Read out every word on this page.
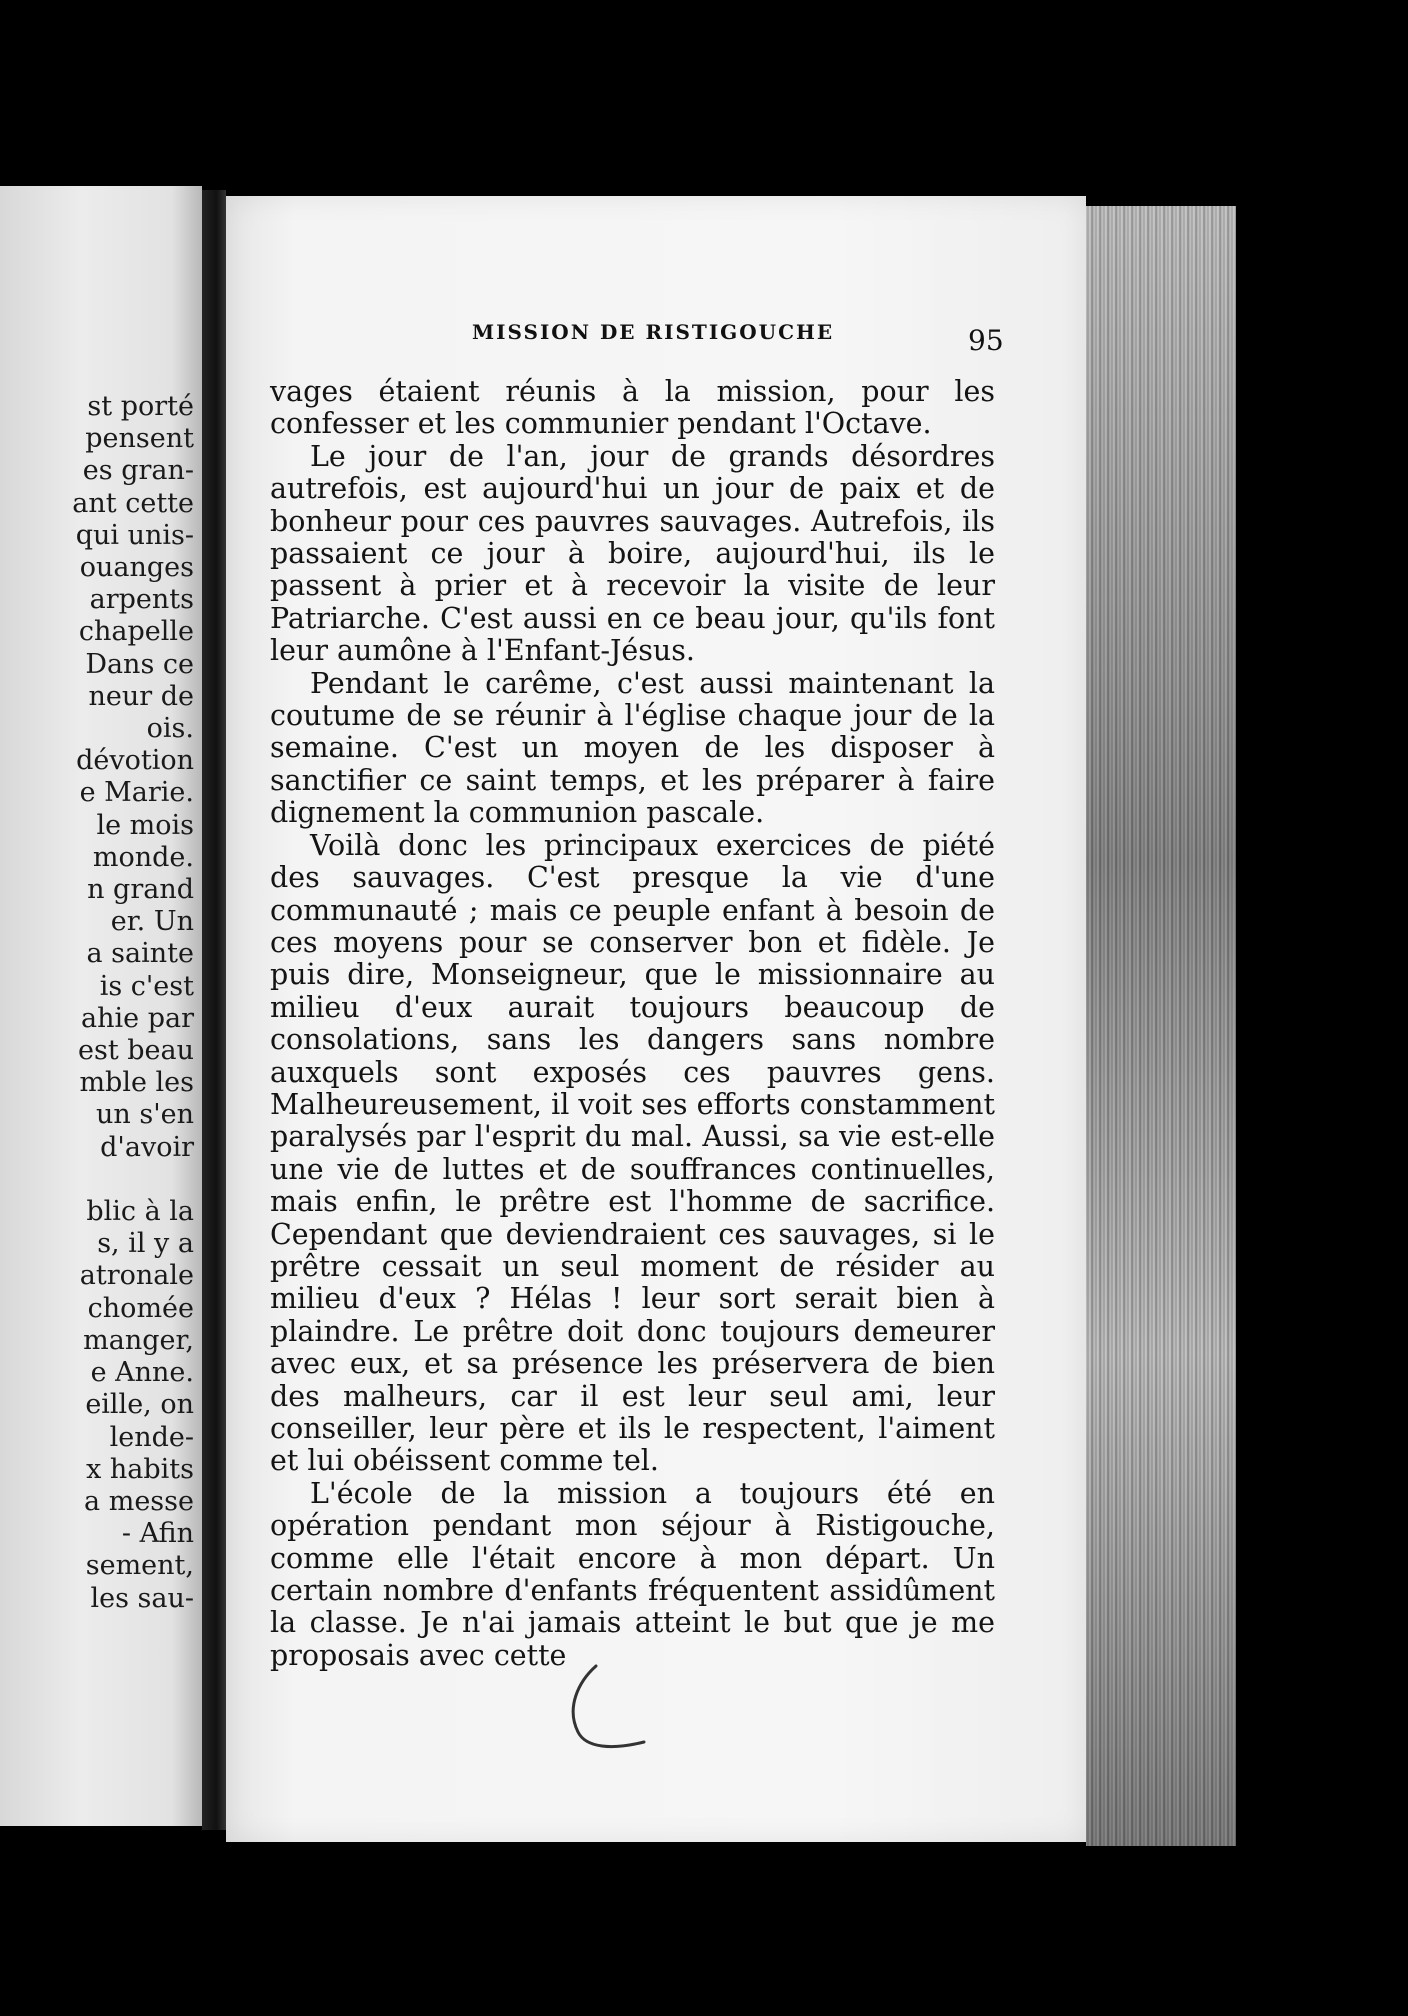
st porté
pensent
es gran-
ant cette
qui unis-
ouanges
arpents
chapelle
Dans ce
neur de
ois.
dévotion
e Marie.
le mois
monde.
n grand
er. Un
a sainte
is c'est
ahie par
est beau
mble les
un s'en
d'avoir

blic à la
s, il y a
atronale
chomée
manger,
e Anne.
eille, on
lende-
x habits
a messe
- Afin
sement,
les sau-
MISSION DE RISTIGOUCHE	95

vages étaient réunis à la mission, pour les confesser et les communier pendant l'Octave.

Le jour de l'an, jour de grands désordres autrefois, est aujourd'hui un jour de paix et de bonheur pour ces pauvres sauvages. Autrefois, ils passaient ce jour à boire, aujourd'hui, ils le passent à prier et à recevoir la visite de leur Patriarche. C'est aussi en ce beau jour, qu'ils font leur aumône à l'Enfant-Jésus.

Pendant le carême, c'est aussi maintenant la coutume de se réunir à l'église chaque jour de la semaine. C'est un moyen de les disposer à sanctifier ce saint temps, et les préparer à faire dignement la communion pascale.

Voilà donc les principaux exercices de piété des sauvages. C'est presque la vie d'une communauté ; mais ce peuple enfant à besoin de ces moyens pour se conserver bon et fidèle. Je puis dire, Monseigneur, que le missionnaire au milieu d'eux aurait toujours beaucoup de consolations, sans les dangers sans nombre auxquels sont exposés ces pauvres gens. Malheureusement, il voit ses efforts constamment paralysés par l'esprit du mal. Aussi, sa vie est-elle une vie de luttes et de souffrances continuelles, mais enfin, le prêtre est l'homme de sacrifice. Cependant que deviendraient ces sauvages, si le prêtre cessait un seul moment de résider au milieu d'eux ? Hélas ! leur sort serait bien à plaindre. Le prêtre doit donc toujours demeurer avec eux, et sa présence les préservera de bien des malheurs, car il est leur seul ami, leur conseiller, leur père et ils le respectent, l'aiment et lui obéissent comme tel.

L'école de la mission a toujours été en opération pendant mon séjour à Ristigouche, comme elle l'était encore à mon départ. Un certain nombre d'enfants fréquentent assidûment la classe. Je n'ai jamais atteint le but que je me proposais avec cette
